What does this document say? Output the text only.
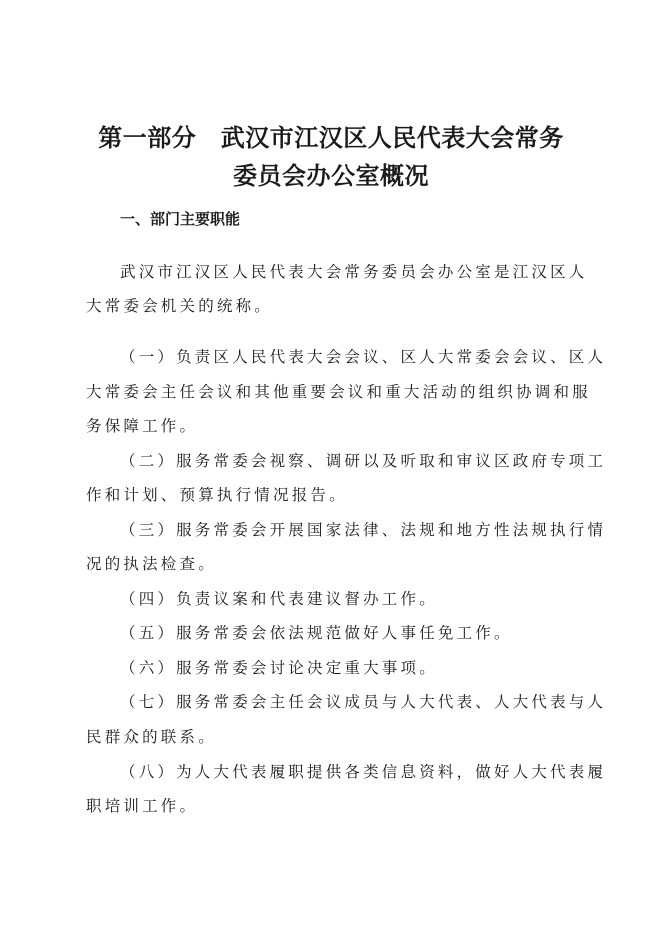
第一部分　武汉市江汉区人民代表大会常务
委员会办公室概况
一、部门主要职能
武汉市江汉区人民代表大会常务委员会办公室是江汉区人
大常委会机关的统称。
（一）负责区人民代表大会会议、区人大常委会会议、区人
大常委会主任会议和其他重要会议和重大活动的组织协调和服
务保障工作。
（二）服务常委会视察、调研以及听取和审议区政府专项工
作和计划、预算执行情况报告。
（三）服务常委会开展国家法律、法规和地方性法规执行情
况的执法检查。
（四）负责议案和代表建议督办工作。
（五）服务常委会依法规范做好人事任免工作。
（六）服务常委会讨论决定重大事项。
（七）服务常委会主任会议成员与人大代表、人大代表与人
民群众的联系。
（八）为人大代表履职提供各类信息资料，做好人大代表履
职培训工作。
